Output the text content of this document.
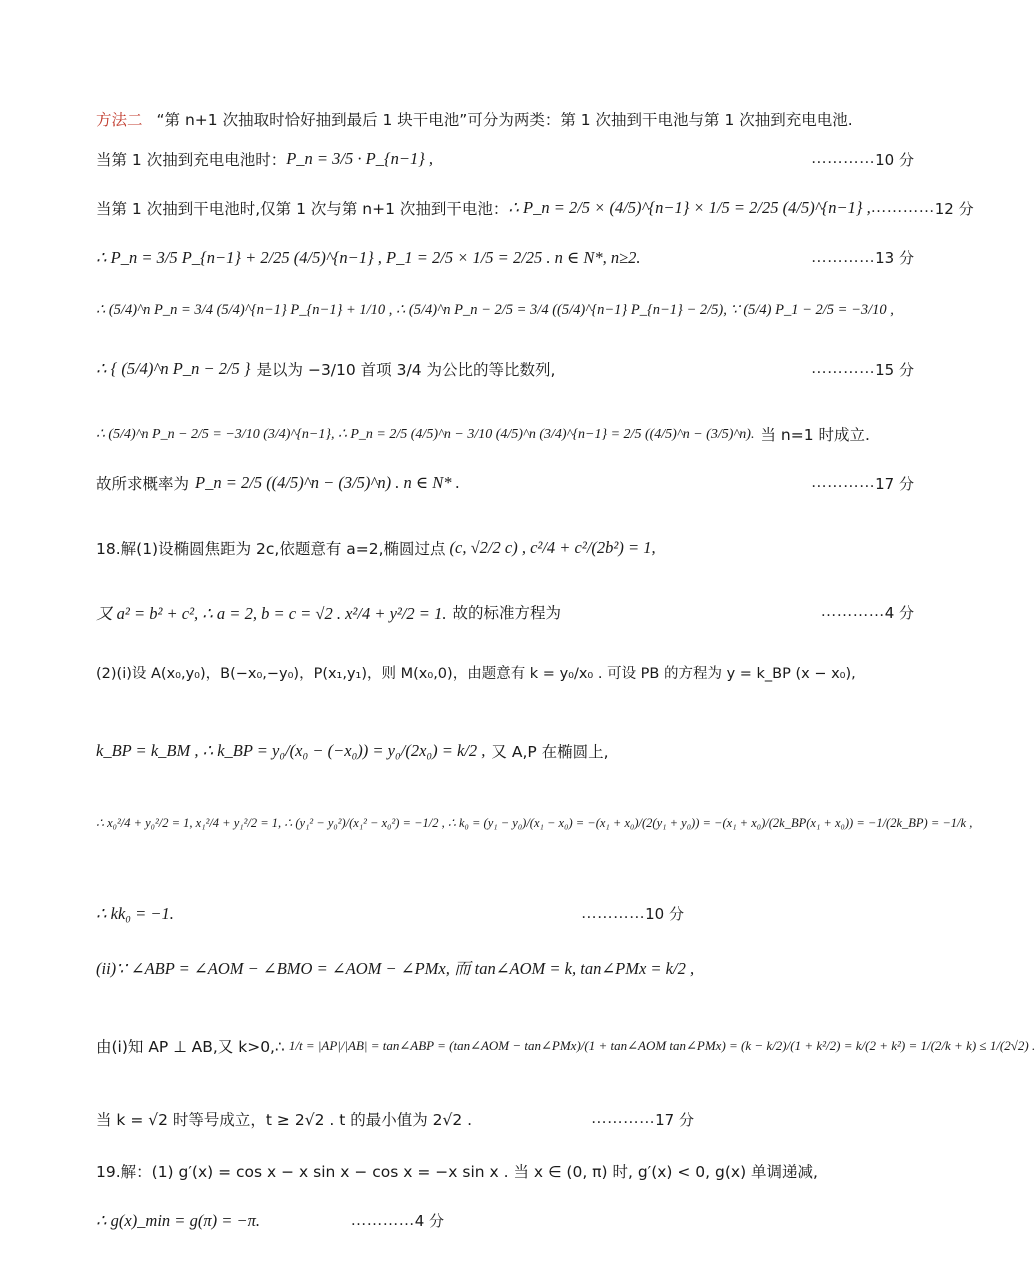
方法二 “第 n+1 次抽取时恰好抽到最后 1 块干电池”可分为两类：第 1 次抽到干电池与第 1 次抽到充电电池.
当第 1 次抽到充电电池时： P_n = 3/5 · P_{n−1} ,	………… 10 分
当第 1 次抽到干电池时,仅第 1 次与第 n+1 次抽到干电池： ∴ P_n = 2/5 × (4/5)^{n−1} × 1/5 = 2/25 (4/5)^{n−1} , ………… 12 分
∴ P_n = 3/5 P_{n−1} + 2/25 (4/5)^{n−1} , P_1 = 2/5 × 1/5 = 2/25 . n ∈ N*, n≥2.	………… 13 分
∴ (5/4)^n P_n = 3/4 (5/4)^{n−1} P_{n−1} + 1/10 , ∴ (5/4)^n P_n − 2/5 = 3/4 ((5/4)^{n−1} P_{n−1} − 2/5), ∵ (5/4) P_1 − 2/5 = −3/10 ,
∴ { (5/4)^n P_n − 2/5 } 是以为 −3/10 首项 3/4 为公比的等比数列,	………… 15 分
∴ (5/4)^n P_n − 2/5 = −3/10 (3/4)^{n−1}, ∴ P_n = 2/5 (4/5)^n − 3/10 (4/5)^n (3/4)^{n−1} = 2/5 ((4/5)^n − (3/5)^n). 当 n=1 时成立.
故所求概率为 P_n = 2/5 ((4/5)^n − (3/5)^n) . n ∈ N* .	………… 17 分
18.解(1)设椭圆焦距为 2c,依题意有 a=2,椭圆过点 (c, √2/2 c) , c²/4 + c²/(2b²) = 1,
又 a² = b² + c², ∴ a = 2, b = c = √2 . x²/4 + y²/2 = 1. 故的标准方程为	………… 4 分
(2)(i)设 A(x₀,y₀)，B(−x₀,−y₀)，P(x₁,y₁)，则 M(x₀,0)，由题意有 k = y₀/x₀ . 可设 PB 的方程为 y = k_BP (x − x₀),
k_BP = k_BM , ∴ k_BP = y₀/(x₀ − (−x₀)) = y₀/(2x₀) = k/2 , 又 A,P 在椭圆上,
∴ x₀²/4 + y₀²/2 = 1, x₁²/4 + y₁²/2 = 1, ∴ (y₁² − y₀²)/(x₁² − x₀²) = −1/2 , ∴ k₀ = (y₁ − y₀)/(x₁ − x₀) = −(x₁ + x₀)/(2(y₁ + y₀)) = −(x₁ + x₀)/(2k_BP(x₁ + x₀)) = −1/(2k_BP) = −1/k ,
∴ kk₀ = −1.	………… 10 分
(ii)∵ ∠ABP = ∠AOM − ∠BMO = ∠AOM − ∠PMx, 而 tan∠AOM = k, tan∠PMx = k/2 ,
由(i)知 AP ⊥ AB,又 k>0,∴ 1/t = |AP|/|AB| = tan∠ABP = (tan∠AOM − tan∠PMx)/(1 + tan∠AOM tan∠PMx) = (k − k/2)/(1 + k²/2) = k/(2 + k²) = 1/(2/k + k) ≤ 1/(2√2) .
当 k = √2 时等号成立，t ≥ 2√2 . t 的最小值为 2√2 .	………… 17 分
19.解：(1) g′(x) = cos x − x sin x − cos x = −x sin x . 当 x ∈ (0, π) 时, g′(x) < 0, g(x) 单调递减,
∴ g(x)_min = g(π) = −π.	………… 4 分
